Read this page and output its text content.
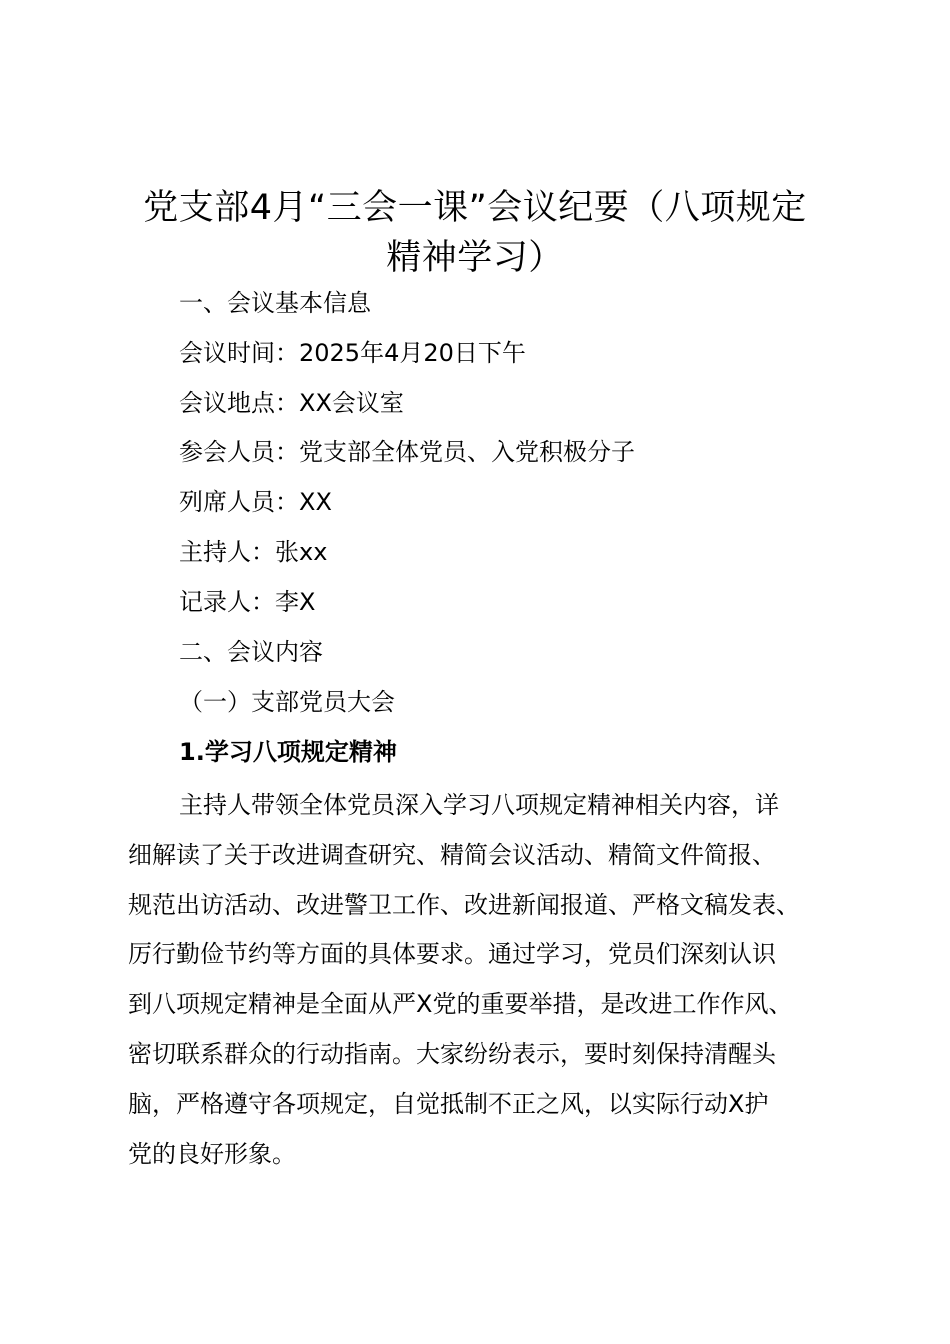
党支部4月“三会一课”会议纪要（八项规定
精神学习）
一、会议基本信息
会议时间：2025年4月20日下午
会议地点：XX会议室
参会人员：党支部全体党员、入党积极分子
列席人员：XX
主持人：张xx
记录人：李X
二、会议内容
（一）支部党员大会
1.学习八项规定精神
主持人带领全体党员深入学习八项规定精神相关内容，详
细解读了关于改进调查研究、精简会议活动、精简文件简报、
规范出访活动、改进警卫工作、改进新闻报道、严格文稿发表、
厉行勤俭节约等方面的具体要求。通过学习，党员们深刻认识
到八项规定精神是全面从严X党的重要举措，是改进工作作风、
密切联系群众的行动指南。大家纷纷表示，要时刻保持清醒头
脑，严格遵守各项规定，自觉抵制不正之风，以实际行动X护
党的良好形象。
